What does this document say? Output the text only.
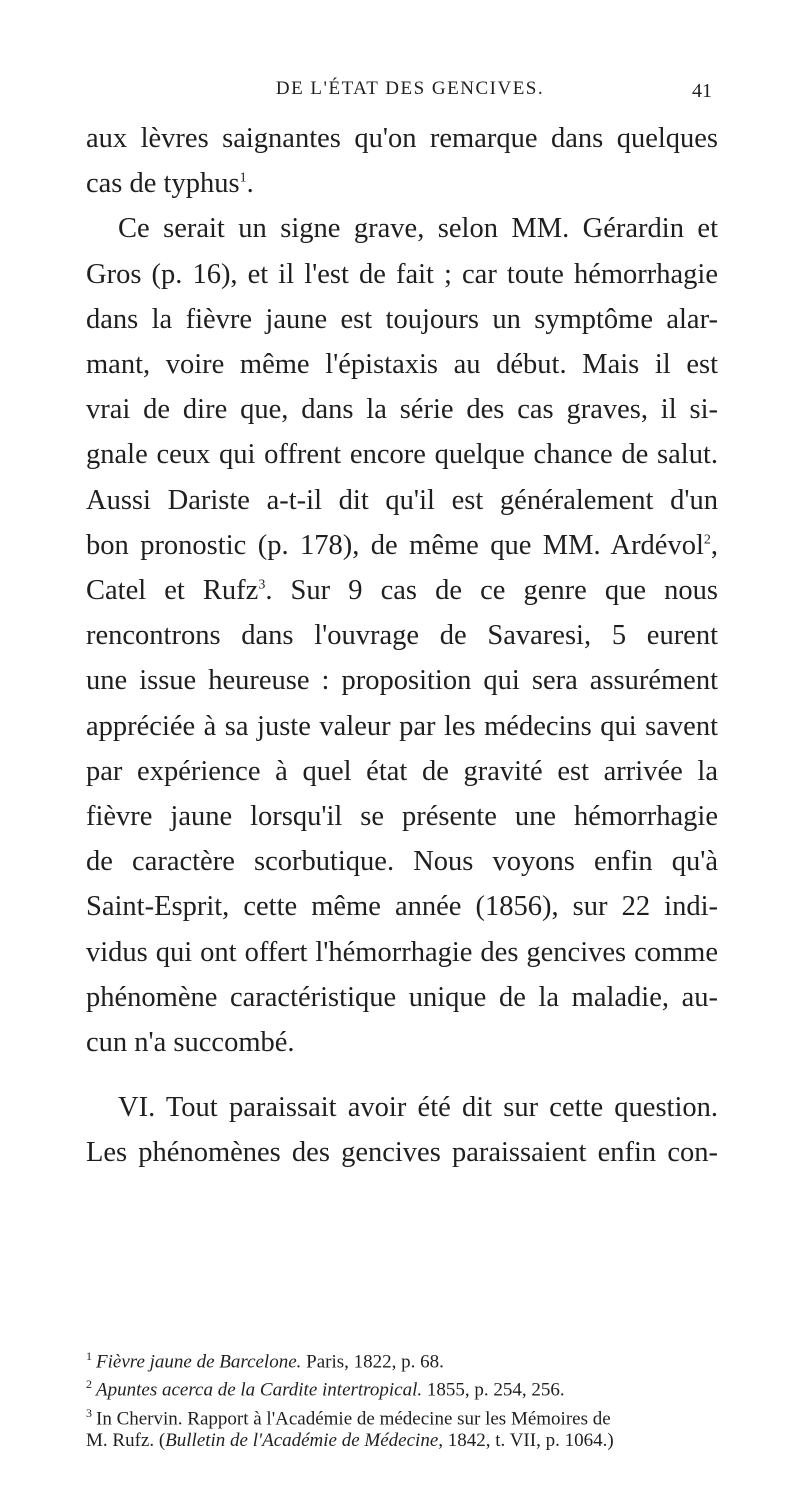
DE L'ÉTAT DES GENCIVES.	41

aux lèvres saignantes qu'on remarque dans quelques
cas de typhus$^1$.

Ce serait un signe grave, selon MM. Gérardin et
Gros (p. 16), et il l'est de fait ; car toute hémorrhagie
dans la fièvre jaune est toujours un symptôme alar-
mant, voire même l'épistaxis au début. Mais il est
vrai de dire que, dans la série des cas graves, il si-
gnale ceux qui offrent encore quelque chance de salut.
Aussi Dariste a-t-il dit qu'il est généralement d'un
bon pronostic (p. 178), de même que MM. Ardévol$^2$,
Catel et Rufz$^3$. Sur 9 cas de ce genre que nous
rencontrons dans l'ouvrage de Savaresi, 5 eurent
une issue heureuse : proposition qui sera assurément
appréciée à sa juste valeur par les médecins qui savent
par expérience à quel état de gravité est arrivée la
fièvre jaune lorsqu'il se présente une hémorrhagie
de caractère scorbutique. Nous voyons enfin qu'à
Saint-Esprit, cette même année (1856), sur 22 indi-
vidus qui ont offert l'hémorrhagie des gencives comme
phénomène caractéristique unique de la maladie, au-
cun n'a succombé.

VI. Tout paraissait avoir été dit sur cette question.
Les phénomènes des gencives paraissaient enfin con-

$^1$ Fièvre jaune de Barcelone. Paris, 1822, p. 68.
$^2$ Apuntes acerca de la Cardite intertropical. 1855, p. 254, 256.
$^3$ In Chervin. Rapport à l'Académie de médecine sur les Mémoires de
M. Rufz. (Bulletin de l'Académie de Médecine, 1842, t. VII, p. 1064.)
